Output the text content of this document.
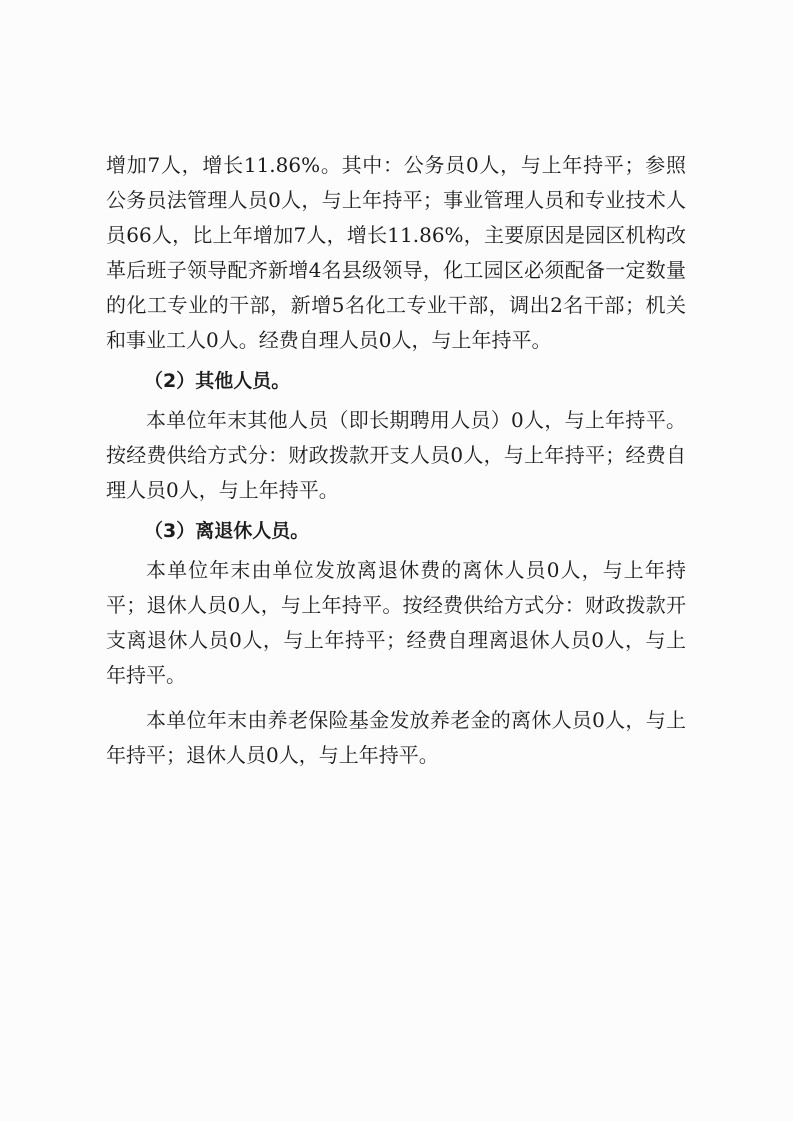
增加7人，增长11.86%。其中：公务员0人，与上年持平；参照公务员法管理人员0人，与上年持平；事业管理人员和专业技术人员66人，比上年增加7人，增长11.86%，主要原因是园区机构改革后班子领导配齐新增4名县级领导，化工园区必须配备一定数量的化工专业的干部，新增5名化工专业干部，调出2名干部；机关和事业工人0人。经费自理人员0人，与上年持平。

（2）其他人员。

本单位年末其他人员（即长期聘用人员）0人，与上年持平。按经费供给方式分：财政拨款开支人员0人，与上年持平；经费自理人员0人，与上年持平。

（3）离退休人员。

本单位年末由单位发放离退休费的离休人员0人，与上年持平；退休人员0人，与上年持平。按经费供给方式分：财政拨款开支离退休人员0人，与上年持平；经费自理离退休人员0人，与上年持平。

本单位年末由养老保险基金发放养老金的离休人员0人，与上年持平；退休人员0人，与上年持平。
